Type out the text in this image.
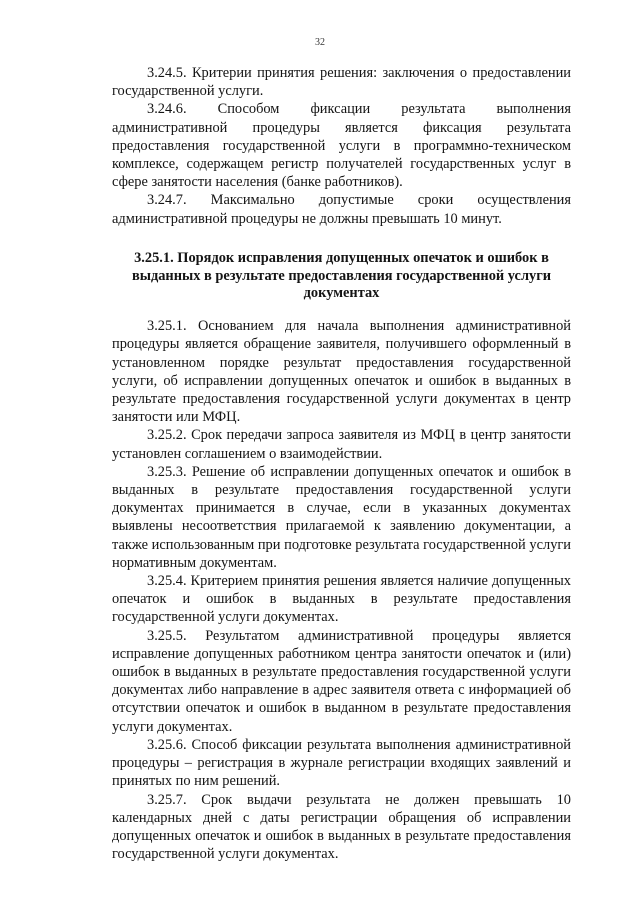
32

3.24.5. Критерии принятия решения: заключения о предоставлении государственной услуги.

3.24.6. Способом фиксации результата выполнения административной процедуры является фиксация результата предоставления государственной услуги в программно-техническом комплексе, содержащем регистр получателей государственных услуг в сфере занятости населения (банке работников).

3.24.7. Максимально допустимые сроки осуществления административной процедуры не должны превышать 10 минут.

3.25.1. Порядок исправления допущенных опечаток и ошибок в выданных в результате предоставления государственной услуги документах

3.25.1. Основанием для начала выполнения административной процедуры является обращение заявителя, получившего оформленный в установленном порядке результат предоставления государственной услуги, об исправлении допущенных опечаток и ошибок в выданных в результате предоставления государственной услуги документах в центр занятости или МФЦ.

3.25.2. Срок передачи запроса заявителя из МФЦ в центр занятости установлен соглашением о взаимодействии.

3.25.3. Решение об исправлении допущенных опечаток и ошибок в выданных в результате предоставления государственной услуги документах принимается в случае, если в указанных документах выявлены несоответствия прилагаемой к заявлению документации, а также использованным при подготовке результата государственной услуги нормативным документам.

3.25.4. Критерием принятия решения является наличие допущенных опечаток и ошибок в выданных в результате предоставления государственной услуги документах.

3.25.5. Результатом административной процедуры является исправление допущенных работником центра занятости опечаток и (или) ошибок в выданных в результате предоставления государственной услуги документах либо направление в адрес заявителя ответа с информацией об отсутствии опечаток и ошибок в выданном в результате предоставления услуги документах.

3.25.6. Способ фиксации результата выполнения административной процедуры – регистрация в журнале регистрации входящих заявлений и принятых по ним решений.

3.25.7. Срок выдачи результата не должен превышать 10 календарных дней с даты регистрации обращения об исправлении допущенных опечаток и ошибок в выданных в результате предоставления государственной услуги документах.
